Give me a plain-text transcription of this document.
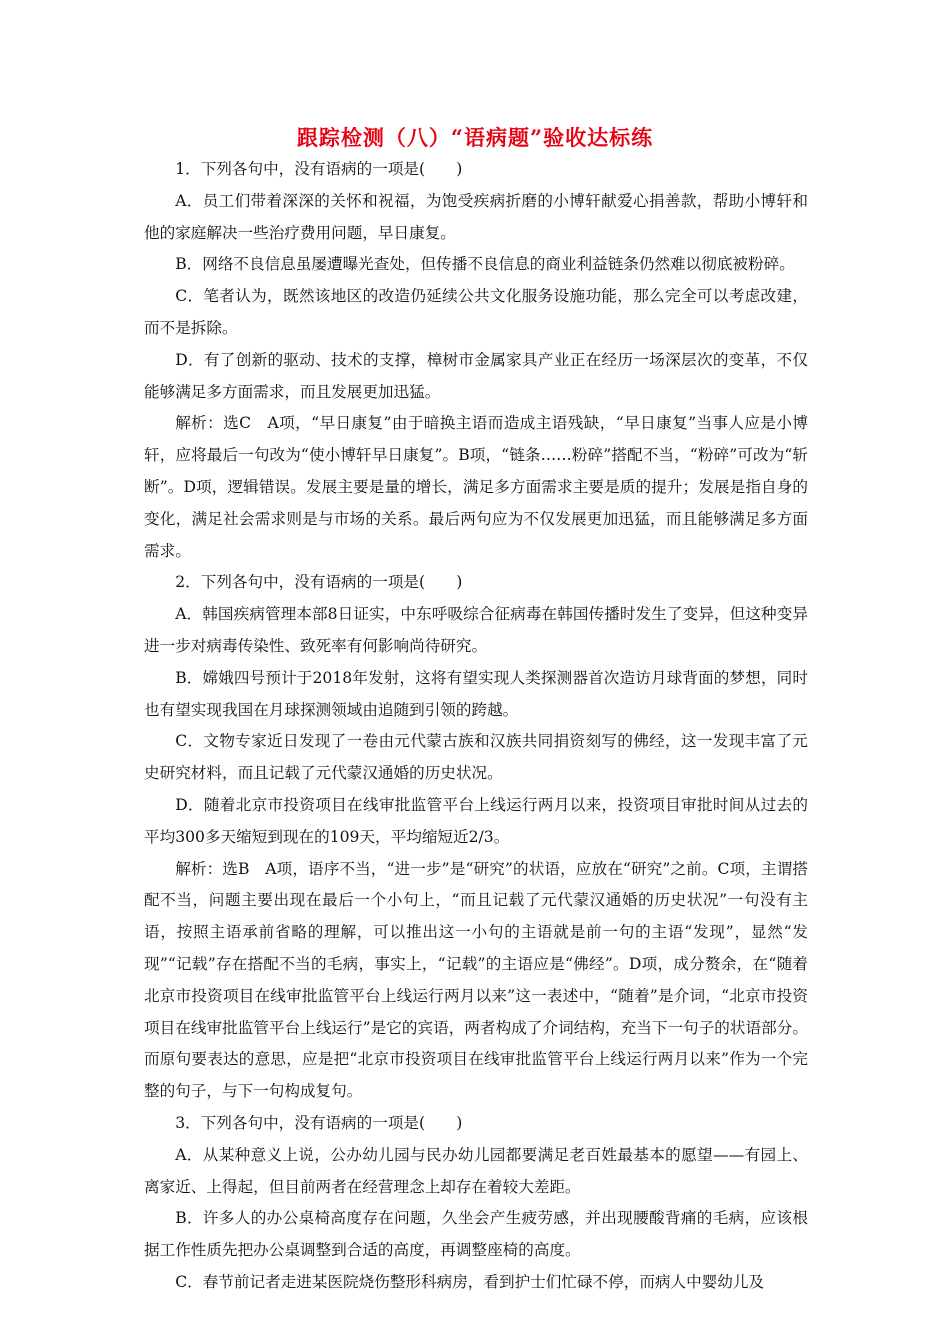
跟踪检测（八）“语病题”验收达标练

1．下列各句中，没有语病的一项是(　　)

A．员工们带着深深的关怀和祝福，为饱受疾病折磨的小博轩献爱心捐善款，帮助小博轩和他的家庭解决一些治疗费用问题，早日康复。

B．网络不良信息虽屡遭曝光查处，但传播不良信息的商业利益链条仍然难以彻底被粉碎。

C．笔者认为，既然该地区的改造仍延续公共文化服务设施功能，那么完全可以考虑改建，而不是拆除。

D．有了创新的驱动、技术的支撑，樟树市金属家具产业正在经历一场深层次的变革，不仅能够满足多方面需求，而且发展更加迅猛。

解析：选C　A项，“早日康复”由于暗换主语而造成主语残缺，“早日康复”当事人应是小博轩，应将最后一句改为“使小博轩早日康复”。B项，“链条……粉碎”搭配不当，“粉碎”可改为“斩断”。D项，逻辑错误。发展主要是量的增长，满足多方面需求主要是质的提升；发展是指自身的变化，满足社会需求则是与市场的关系。最后两句应为不仅发展更加迅猛，而且能够满足多方面需求。

2．下列各句中，没有语病的一项是(　　)

A．韩国疾病管理本部8日证实，中东呼吸综合征病毒在韩国传播时发生了变异，但这种变异进一步对病毒传染性、致死率有何影响尚待研究。

B．嫦娥四号预计于2018年发射，这将有望实现人类探测器首次造访月球背面的梦想，同时也有望实现我国在月球探测领域由追随到引领的跨越。

C．文物专家近日发现了一卷由元代蒙古族和汉族共同捐资刻写的佛经，这一发现丰富了元史研究材料，而且记载了元代蒙汉通婚的历史状况。

D．随着北京市投资项目在线审批监管平台上线运行两月以来，投资项目审批时间从过去的平均300多天缩短到现在的109天，平均缩短近2/3。

解析：选B　A项，语序不当，“进一步”是“研究”的状语，应放在“研究”之前。C项，主谓搭配不当，问题主要出现在最后一个小句上，“而且记载了元代蒙汉通婚的历史状况”一句没有主语，按照主语承前省略的理解，可以推出这一小句的主语就是前一句的主语“发现”，显然“发现”“记载”存在搭配不当的毛病，事实上，“记载”的主语应是“佛经”。D项，成分赘余，在“随着北京市投资项目在线审批监管平台上线运行两月以来”这一表述中，“随着”是介词，“北京市投资项目在线审批监管平台上线运行”是它的宾语，两者构成了介词结构，充当下一句子的状语部分。而原句要表达的意思，应是把“北京市投资项目在线审批监管平台上线运行两月以来”作为一个完整的句子，与下一句构成复句。

3．下列各句中，没有语病的一项是(　　)

A．从某种意义上说，公办幼儿园与民办幼儿园都要满足老百姓最基本的愿望——有园上、离家近、上得起，但目前两者在经营理念上却存在着较大差距。

B．许多人的办公桌椅高度存在问题，久坐会产生疲劳感，并出现腰酸背痛的毛病，应该根据工作性质先把办公桌调整到合适的高度，再调整座椅的高度。

C．春节前记者走进某医院烧伤整形科病房，看到护士们忙碌不停，而病人中婴幼儿及
